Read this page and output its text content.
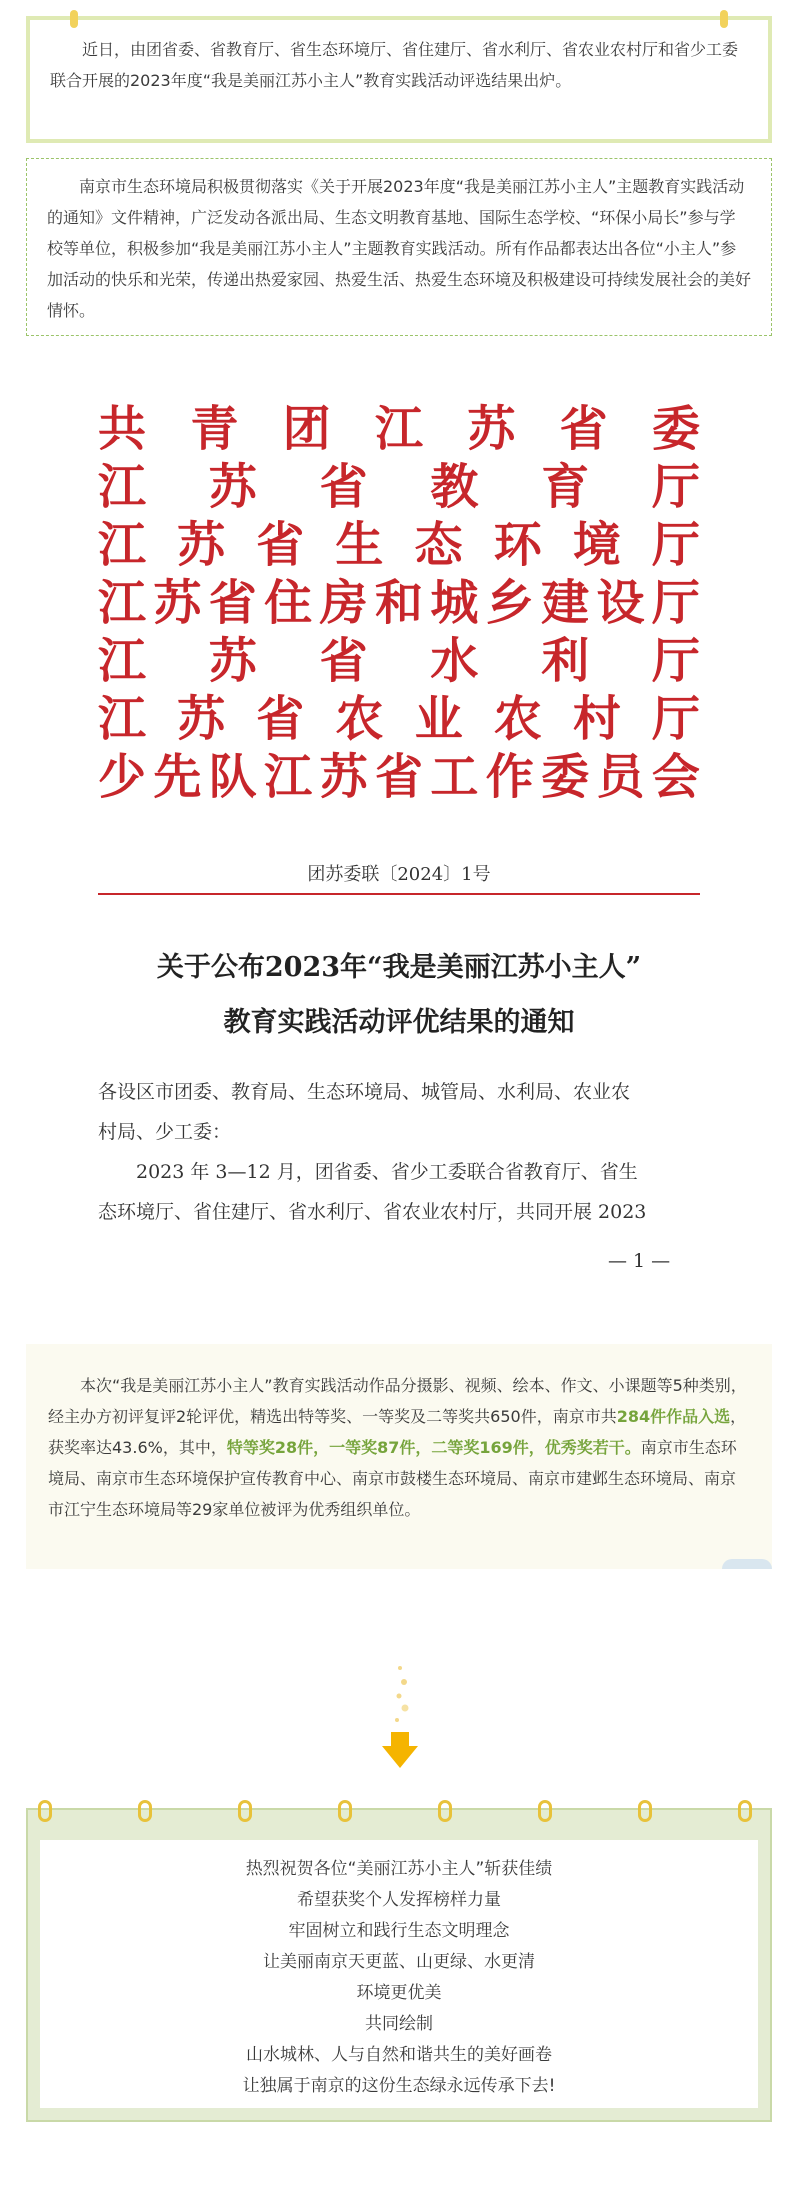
近日，由团省委、省教育厅、省生态环境厅、省住建厅、省水利厅、省农业农村厅和省少工委联合开展的2023年度“我是美丽江苏小主人”教育实践活动评选结果出炉。

南京市生态环境局积极贯彻落实《关于开展2023年度“我是美丽江苏小主人”主题教育实践活动的通知》文件精神，广泛发动各派出局、生态文明教育基地、国际生态学校、“环保小局长”参与学校等单位，积极参加“我是美丽江苏小主人”主题教育实践活动。所有作品都表达出各位“小主人”参加活动的快乐和光荣，传递出热爱家园、热爱生活、热爱生态环境及积极建设可持续发展社会的美好情怀。

共 青 团 江 苏 省 委
江 苏 省 教 育 厅
江 苏 省 生 态 环 境 厅
江 苏 省 住 房 和 城 乡 建 设 厅
江 苏 省 水 利 厅
江 苏 省 农 业 农 村 厅
少 先 队 江 苏 省 工 作 委 员 会
团苏委联〔2024〕1号
关于公布2023年“我是美丽江苏小主人”
教育实践活动评优结果的通知
各设区市团委、教育局、生态环境局、城管局、水利局、农业农
村局、少工委：
2023 年 3—12 月，团省委、省少工委联合省教育厅、省生
态环境厅、省住建厅、省水利厅、省农业农村厅，共同开展 2023
— 1 —

本次“我是美丽江苏小主人”教育实践活动作品分摄影、视频、绘本、作文、小课题等5种类别，经主办方初评复评2轮评优，精选出特等奖、一等奖及二等奖共650件，南京市共284件作品入选，获奖率达43.6%，其中，特等奖28件，一等奖87件，二等奖169件，优秀奖若干。南京市生态环境局、南京市生态环境保护宣传教育中心、南京市鼓楼生态环境局、南京市建邺生态环境局、南京市江宁生态环境局等29家单位被评为优秀组织单位。

热烈祝贺各位“美丽江苏小主人”斩获佳绩
希望获奖个人发挥榜样力量
牢固树立和践行生态文明理念
让美丽南京天更蓝、山更绿、水更清
环境更优美
共同绘制
山水城林、人与自然和谐共生的美好画卷
让独属于南京的这份生态绿永远传承下去!
